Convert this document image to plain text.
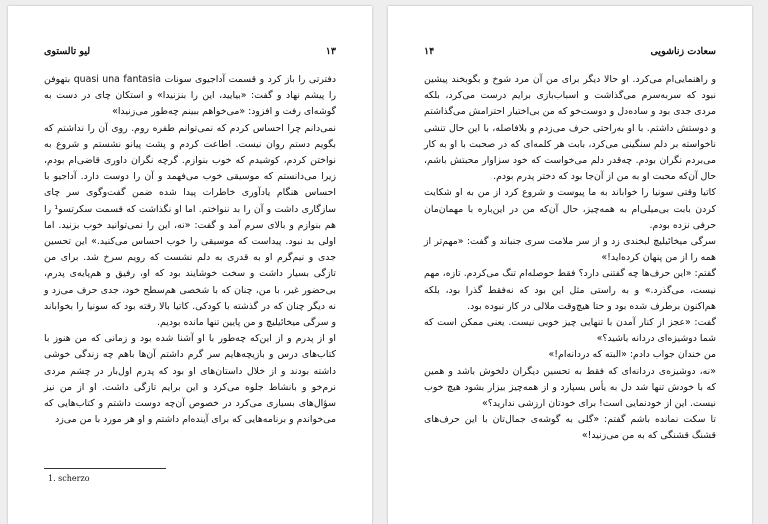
لیو تالستوی	۱۳

دفترتی را باز کرد و قسمت آداجیوی سونات quasi una fantasia بتهوفن را پیشم نهاد و گفت: «بیایید، این را بنزنیدا» و استکان چای در دست به گوشه‌ای رفت و افزود: «می‌خواهم ببینم چه‌طور می‌زنیدا»

نمی‌دانم چرا احساس کردم که نمی‌توانم طفره روم. روی آن را نداشتم که بگویم دستم روان نیست. اطاعت کردم و پشت پیانو نشستم و شروع به نواختن کردم، کوشیدم که خوب بنوازم. گرچه نگران داوری قاضی‌ام بودم، زیرا می‌دانستم که موسیقی خوب می‌فهمد و آن را دوست دارد. آداجیو با احساس هنگام یادآوری خاطرات پیدا شده ضمن گفت‌وگوی سر چای سازگاری داشت و آن را بد ننواختم. اما او نگذاشت که قسمت سکرتسو¹ را هم بنوازم و بالای سرم آمد و گفت: «نه، این را نمی‌توانید خوب بزنید. اما اولی بد نبود. پیداست که موسیقی را خوب احساس می‌کنید.» این تحسین جدی و نیم‌گرم او به قدری به دلم نشست که رویم سرخ شد. برای من تازگی بسیار داشت و سخت خوشایند بود که او، رفیق و هم‌پایه‌ی پدرم، بی‌حضور غیر، با من، چنان که با شخصی هم‌سطح خود، جدی حرف می‌زد و نه دیگر چنان که در گذشته با کودکی. کاتیا بالا رفته بود که سونیا را بخواباند و سرگی میخائیلیچ و من پایین تنها مانده بودیم.

او از پدرم و از این‌که چه‌طور با او آشنا شده بود و زمانی که من هنوز با کتاب‌های درس و بازیچه‌هایم سر گرم داشتم آن‌ها باهم چه زندگی خوشی داشته بودند و از خلال داستان‌های او بود که پدرم اول‌بار در چشم مردی نرم‌خو و بانشاط جلوه می‌کرد و این برایم تازگی داشت. او از من نیز سؤال‌های بسیاری می‌کرد در خصوص آن‌چه دوست داشتم و کتاب‌هایی که می‌خواندم و برنامه‌هایی که برای آینده‌ام داشتم و او هر مورد با من می‌زد

1. scherzo
سعادت زناشویی
۱۴

و راهنمایی‌ام می‌کرد. او حالا دیگر برای من آن مرد شوخ و بگو‌بخند پیشین نبود که سربه‌سرم می‌گذاشت و اسباب‌بازی برایم درست می‌کرد، بلکه مردی جدی بود و ساده‌دل و دوست‌خو که من بی‌اختیار احترامش می‌گذاشتم و دوستش داشتم. با او به‌راحتی حرف می‌زدم و بلافاصله، با این حال تنشی ناخواسته بر دلم سنگینی می‌کرد، بابت هر کلمه‌ای که در صحبت با او به کار می‌بردم نگران بودم. چه‌قدر دلم می‌خواست که خود سزاوار محبتش باشم، حال آن‌که محبت او به من از آن‌جا بود که دختر پدرم بودم.

کاتیا وقتی سونیا را خواباند به ما پیوست و شروع کرد از من به او شکایت کردن بابت بی‌میلی‌ام به همه‌چیز، حال آن‌که من در این‌باره با مهمان‌مان حرفی نزده بودم.

سرگی میخائیلیچ لبخندی زد و از سر ملامت سری جنباند و گفت: «مهم‌تر از همه را از من پنهان کرده‌اید!»

گفتم: «این حرف‌ها چه گفتنی دارد؟ فقط حوصله‌ام تنگ می‌کردم. تازه، مهم نیست، می‌گذرد.» و به راستی مثل این بود که نه‌فقط گذرا بود، بلکه هم‌اکنون برطرف شده بود و حتا هیچ‌وقت ملالی در کار نبوده بود.

گفت: «عجز از کنار آمدن با تنهایی چیز خوبی نیست. یعنی ممکن است که شما دوشیزه‌ای دردانه باشید؟»

من خندان جواب دادم: «البته که دردانه‌ام!»

«نه، دوشیزه‌ی دردانه‌ای که فقط به تحسین دیگران دلخوش باشد و همین که با خودش تنها شد دل به یأس بسپارد و از همه‌چیز بیزار بشود هیچ خوب نیست. این از خودنمایی است! برای خودتان ارزشی ندارید؟»

تا سکت نمانده باشم گفتم: «گلی به گوشه‌ی جمال‌تان با این حرف‌های قشنگ قشنگی که به من می‌زنید!»
